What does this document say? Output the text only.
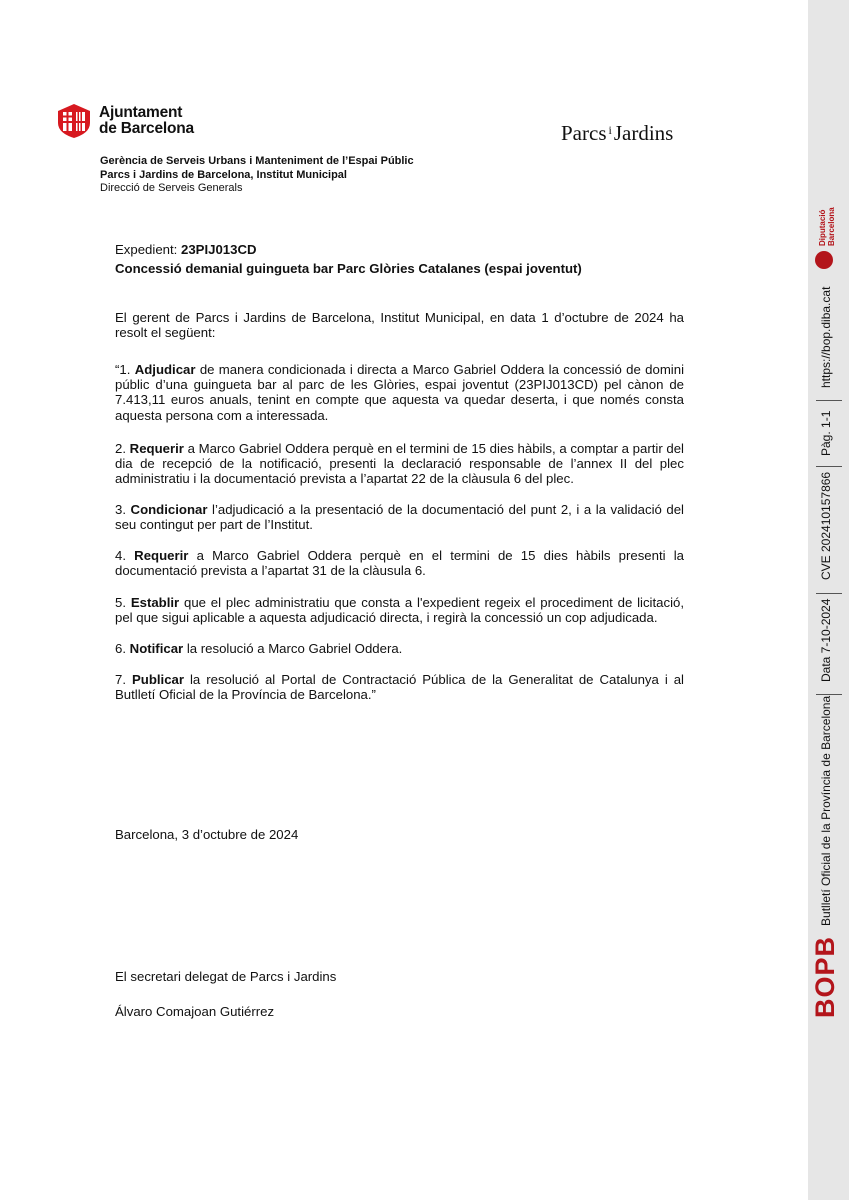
Ajuntament
de Barcelona	Parcs $^i$Jardins
Gerència de Serveis Urbans i Manteniment de l’Espai Públic
Parcs i Jardins de Barcelona, Institut Municipal
Direcció de Serveis Generals
Expedient: 23PIJ013CD
Concessió demanial guingueta bar Parc Glòries Catalanes (espai joventut)
El gerent de Parcs i Jardins de Barcelona, Institut Municipal, en data 1 d’octubre de 2024 ha resolt el següent:
“1. Adjudicar de manera condicionada i directa a Marco Gabriel Oddera la concessió de domini públic d’una guingueta bar al parc de les Glòries, espai joventut (23PIJ013CD) pel cànon de 7.413,11 euros anuals, tenint en compte que aquesta va quedar deserta, i que només consta aquesta persona com a interessada.
2. Requerir a Marco Gabriel Oddera perquè en el termini de 15 dies hàbils, a comptar a partir del dia de recepció de la notificació, presenti la declaració responsable de l’annex II del plec administratiu i la documentació prevista a l’apartat 22 de la clàusula 6 del plec.
3. Condicionar l’adjudicació a la presentació de la documentació del punt 2, i a la validació del seu contingut per part de l’Institut.
4. Requerir a Marco Gabriel Oddera perquè en el termini de 15 dies hàbils presenti la documentació prevista a l’apartat 31 de la clàusula 6.
5. Establir que el plec administratiu que consta a l'expedient regeix el procediment de licitació, pel que sigui aplicable a aquesta adjudicació directa, i regirà la concessió un cop adjudicada.
6. Notificar la resolució a Marco Gabriel Oddera.
7. Publicar la resolució al Portal de Contractació Pública de la Generalitat de Catalunya i al Butlletí Oficial de la Província de Barcelona.”
Barcelona, 3 d’octubre de 2024
El secretari delegat de Parcs i Jardins
Álvaro Comajoan Gutiérrez
Diputació Barcelona
https://bop.diba.cat
Pàg. 1-1
CVE 202410157866
Data 7-10-2024
BOPB
Butlletí Oficial de la Província de Barcelona
